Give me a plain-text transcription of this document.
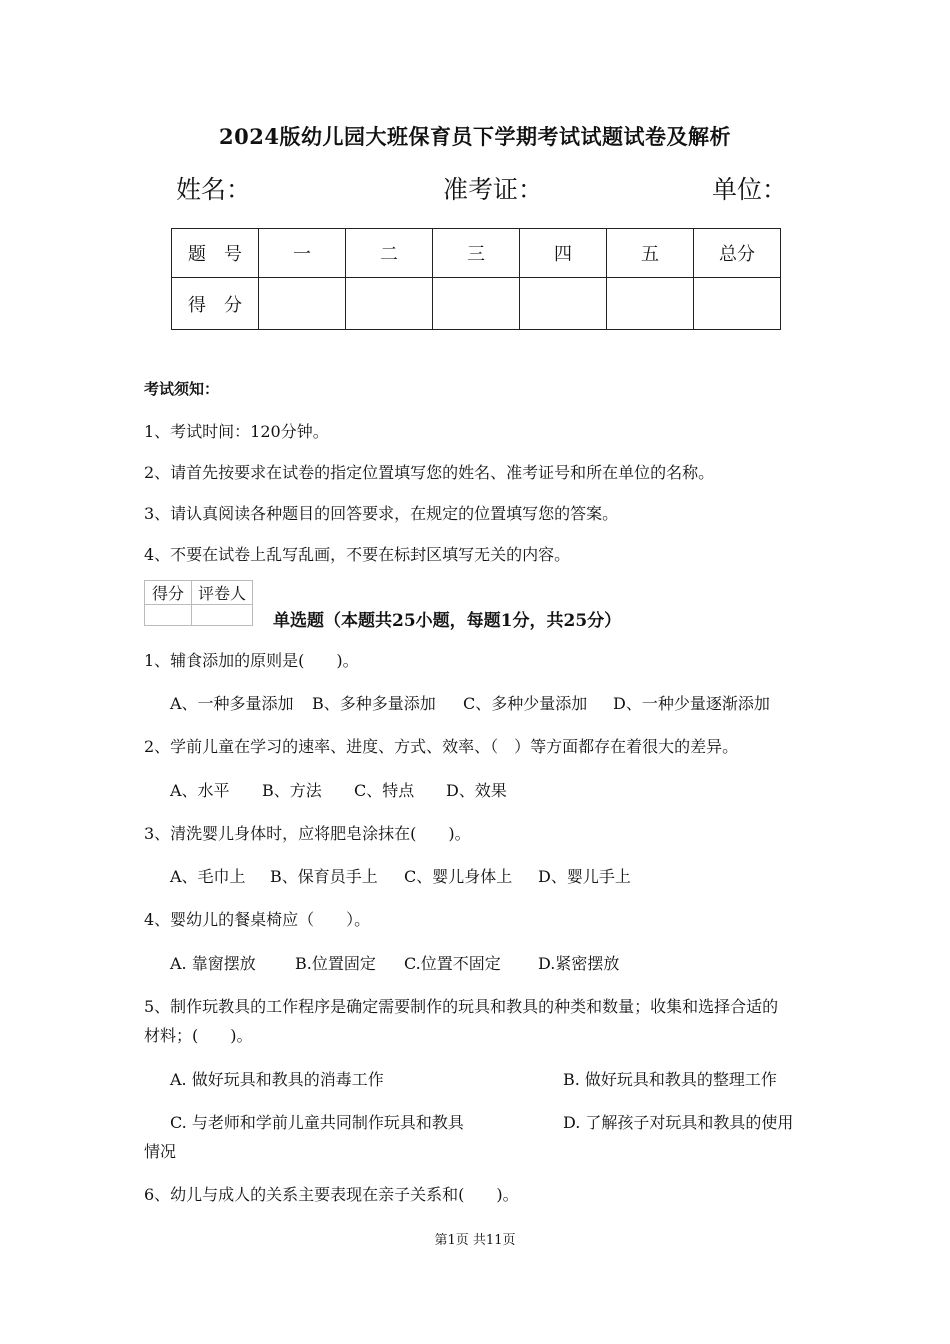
2024版幼儿园大班保育员下学期考试试题试卷及解析
姓名：	准考证：	单位：
题　号	一	二	三	四	五	总分
得　分						
考试须知：
1、考试时间：120分钟。
2、请首先按要求在试卷的指定位置填写您的姓名、准考证号和所在单位的名称。
3、请认真阅读各种题目的回答要求，在规定的位置填写您的答案。
4、不要在试卷上乱写乱画，不要在标封区填写无关的内容。
得分	评卷人

单选题（本题共25小题，每题1分，共25分）
1、辅食添加的原则是(　　)。
A、一种多量添加 B、多种多量添加 C、多种少量添加 D、一种少量逐渐添加
2、学前儿童在学习的速率、进度、方式、效率、（　）等方面都存在着很大的差异。
A、水平 B、方法 C、特点 D、效果
3、清洗婴儿身体时，应将肥皂涂抹在(　　)。
A、毛巾上 B、保育员手上 C、婴儿身体上 D、婴儿手上
4、婴幼儿的餐桌椅应（　　）。
A. 靠窗摆放 B.位置固定 C.位置不固定 D.紧密摆放
5、制作玩教具的工作程序是确定需要制作的玩具和教具的种类和数量；收集和选择合适的
材料；(　　)。
A. 做好玩具和教具的消毒工作	B. 做好玩具和教具的整理工作
C. 与老师和学前儿童共同制作玩具和教具	D. 了解孩子对玩具和教具的使用
情况
6、幼儿与成人的关系主要表现在亲子关系和(　　)。
第1页 共11页
